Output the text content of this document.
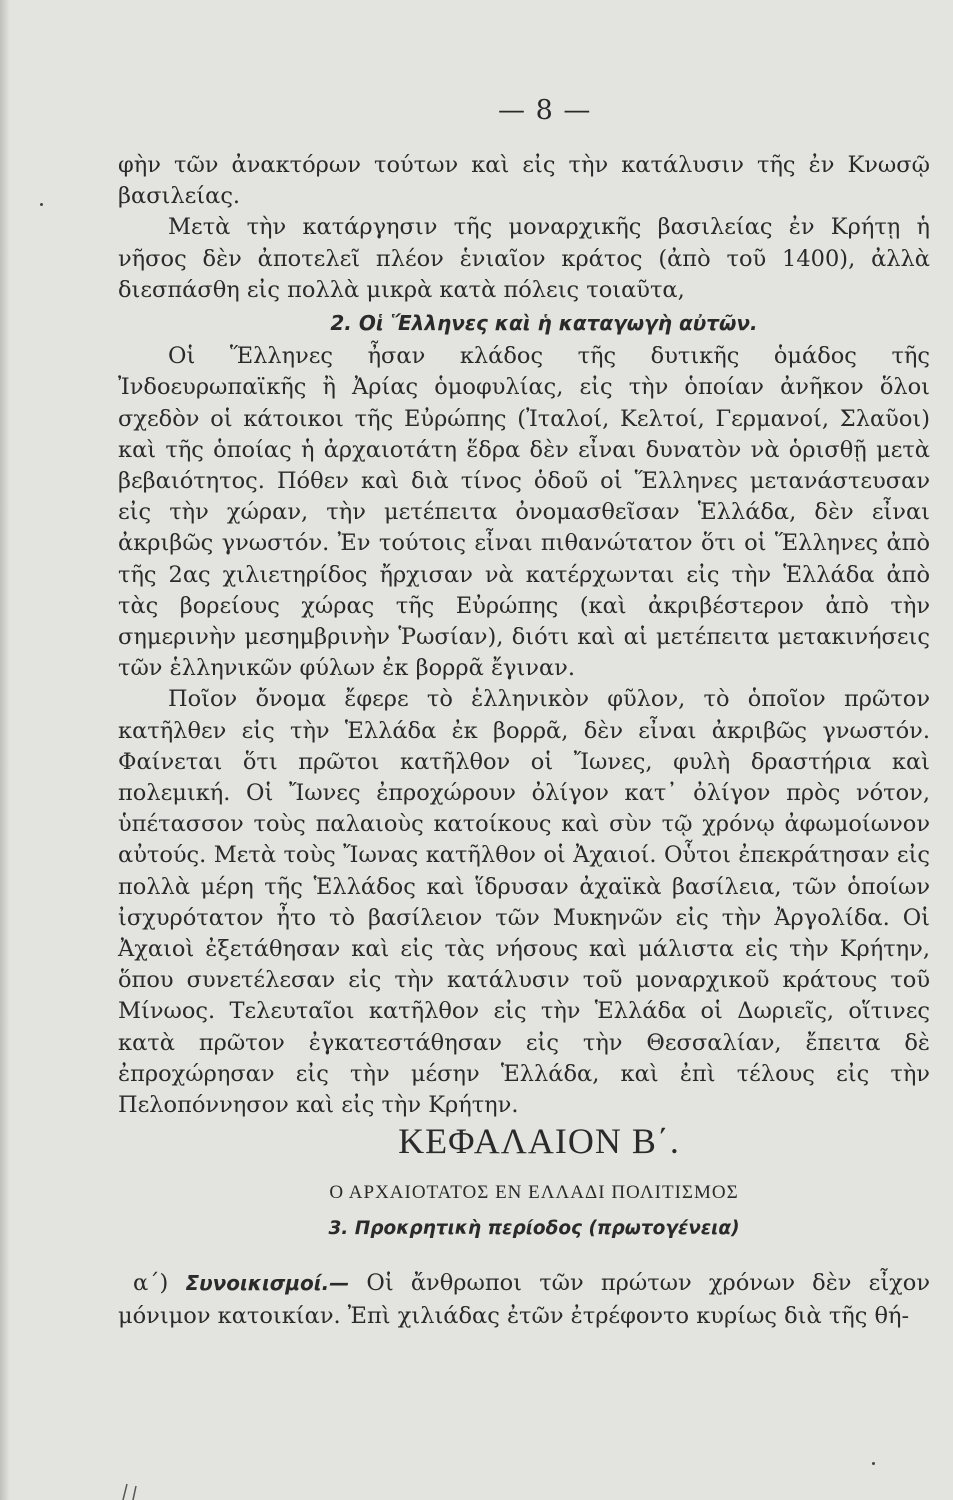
— 8 —

φὴν τῶν ἀνακτόρων τούτων καὶ εἰς τὴν κατάλυσιν τῆς ἐν Κνωσῷ βασιλείας.

Μετὰ τὴν κατάργησιν τῆς μοναρχικῆς βασιλείας ἐν Κρήτῃ ἡ νῆσος δὲν ἀποτελεῖ πλέον ἑνιαῖον κράτος (ἀπὸ τοῦ 1400), ἀλλὰ διεσπάσθη εἰς πολλὰ μικρὰ κατὰ πόλεις τοιαῦτα,

2. Οἱ Ἕλληνες καὶ ἡ καταγωγὴ αὐτῶν.

Οἱ Ἕλληνες ἦσαν κλάδος τῆς δυτικῆς ὁμάδος τῆς Ἰνδοευρωπαϊκῆς ἢ Ἀρίας ὁμοφυλίας, εἰς τὴν ὁποίαν ἀνῆκον ὅλοι σχεδὸν οἱ κάτοικοι τῆς Εὐρώπης (Ἰταλοί, Κελτοί, Γερμανοί, Σλαῦοι) καὶ τῆς ὁποίας ἡ ἀρχαιοτάτη ἕδρα δὲν εἶναι δυνατὸν νὰ ὁρισθῇ μετὰ βεβαιότητος. Πόθεν καὶ διὰ τίνος ὁδοῦ οἱ Ἕλληνες μετανάστευσαν εἰς τὴν χώραν, τὴν μετέπειτα ὀνομασθεῖσαν Ἑλλάδα, δὲν εἶναι ἀκριβῶς γνωστόν. Ἐν τούτοις εἶναι πιθανώτατον ὅτι οἱ Ἕλληνες ἀπὸ τῆς 2ας χιλιετηρίδος ἤρχισαν νὰ κατέρχωνται εἰς τὴν Ἑλλάδα ἀπὸ τὰς βορείους χώρας τῆς Εὐρώπης (καὶ ἀκριβέστερον ἀπὸ τὴν σημερινὴν μεσημβρινὴν Ῥωσίαν), διότι καὶ αἱ μετέπειτα μετακινήσεις τῶν ἑλληνικῶν φύλων ἐκ βορρᾶ ἔγιναν.

Ποῖον ὄνομα ἔφερε τὸ ἑλληνικὸν φῦλον, τὸ ὁποῖον πρῶτον κατῆλθεν εἰς τὴν Ἑλλάδα ἐκ βορρᾶ, δὲν εἶναι ἀκριβῶς γνωστόν. Φαίνεται ὅτι πρῶτοι κατῆλθον οἱ Ἴωνες, φυλὴ δραστήρια καὶ πολεμική. Οἱ Ἴωνες ἐπροχώρουν ὀλίγον κατ᾿ ὀλίγον πρὸς νότον, ὑπέτασσον τοὺς παλαιοὺς κατοίκους καὶ σὺν τῷ χρόνῳ ἀφωμοίωνον αὐτούς. Μετὰ τοὺς Ἴωνας κατῆλθον οἱ Ἀχαιοί. Οὗτοι ἐπεκράτησαν εἰς πολλὰ μέρη τῆς Ἑλλάδος καὶ ἵδρυσαν ἀχαϊκὰ βασίλεια, τῶν ὁποίων ἰσχυρότατον ἦτο τὸ βασίλειον τῶν Μυκηνῶν εἰς τὴν Ἀργολίδα. Οἱ Ἀχαιοὶ ἐξετάθησαν καὶ εἰς τὰς νήσους καὶ μάλιστα εἰς τὴν Κρήτην, ὅπου συνετέλεσαν εἰς τὴν κατάλυσιν τοῦ μοναρχικοῦ κράτους τοῦ Μίνωος. Τελευταῖοι κατῆλθον εἰς τὴν Ἑλλάδα οἱ Δωριεῖς, οἵτινες κατὰ πρῶτον ἐγκατεστάθησαν εἰς τὴν Θεσσαλίαν, ἔπειτα δὲ ἐπροχώρησαν εἰς τὴν μέσην Ἑλλάδα, καὶ ἐπὶ τέλους εἰς τὴν Πελοπόννησον καὶ εἰς τὴν Κρήτην.

ΚΕΦΑΛΑΙΟΝ Β΄.
Ο ΑΡΧΑΙΟΤΑΤΟΣ ΕΝ ΕΛΛΑΔΙ ΠΟΛΙΤΙΣΜΟΣ
3. Προκρητικὴ περίοδος (πρωτογένεια)

α΄) Συνοικισμοί.— Οἱ ἄνθρωποι τῶν πρώτων χρόνων δὲν εἶχον μόνιμον κατοικίαν. Ἐπὶ χιλιάδας ἐτῶν ἐτρέφοντο κυρίως διὰ τῆς θή-
